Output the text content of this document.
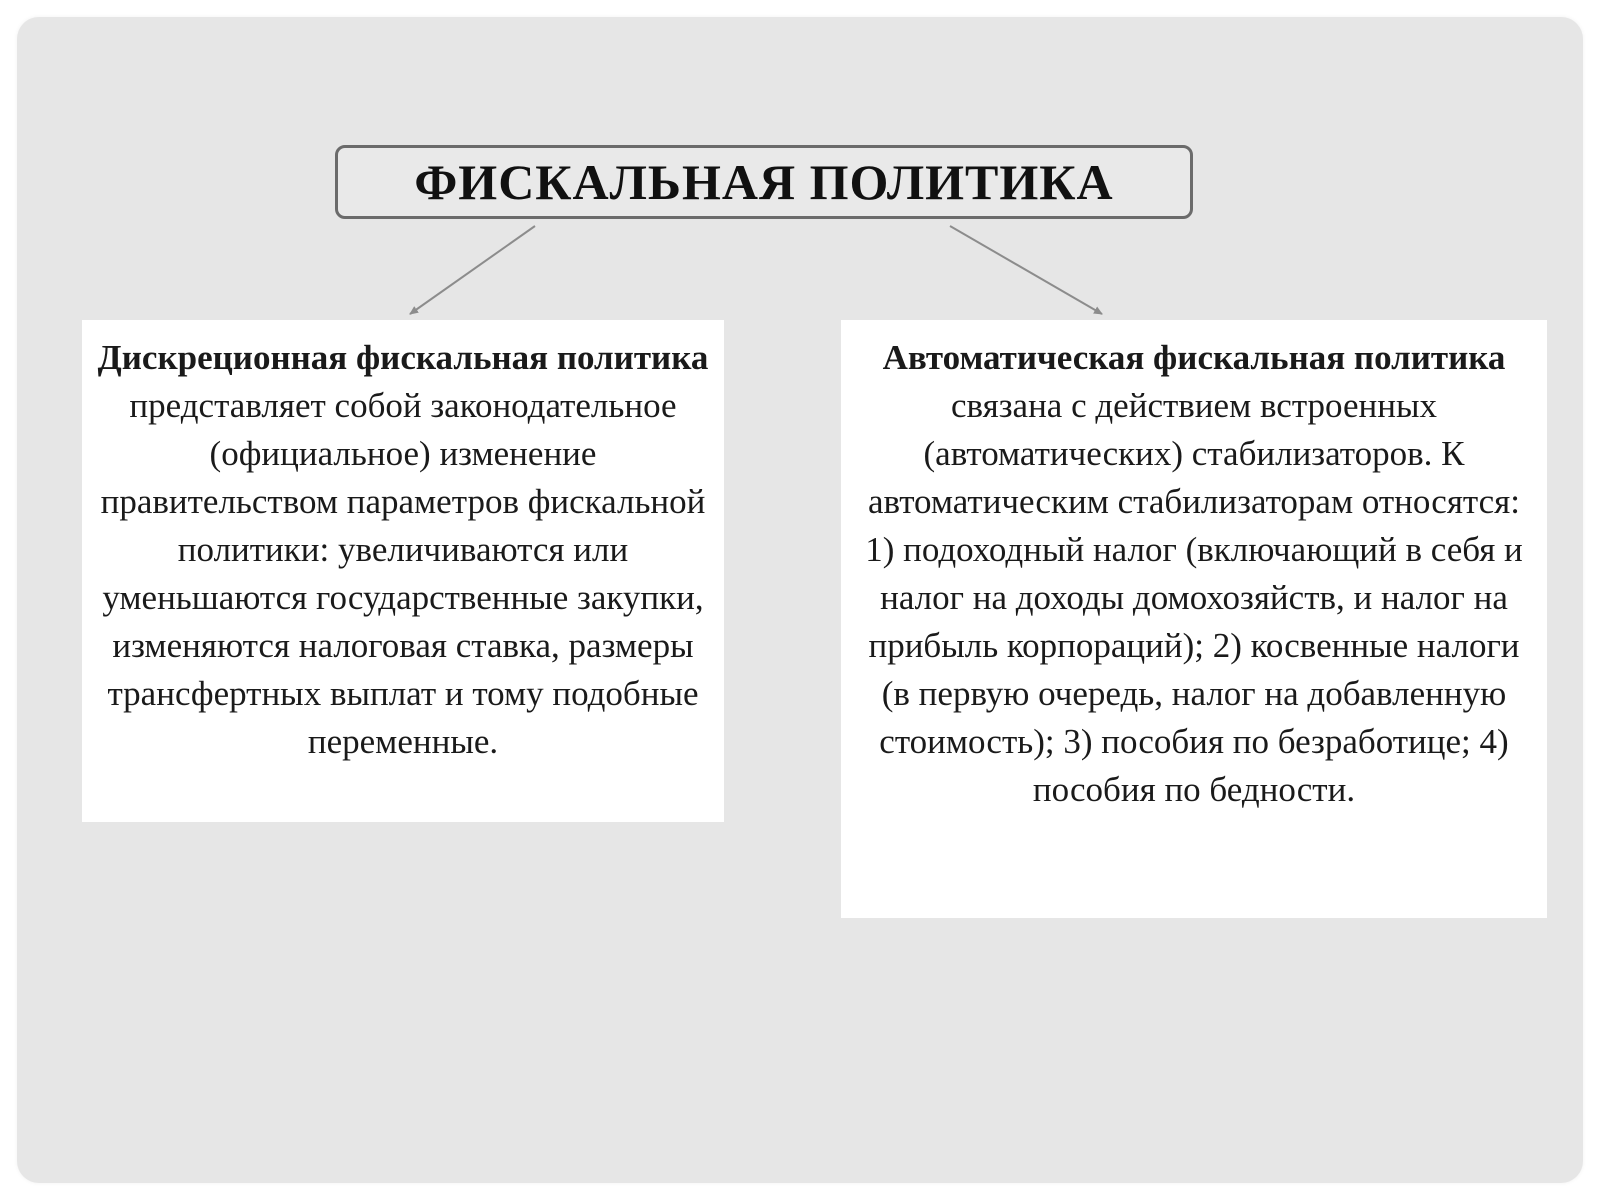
ФИСКАЛЬНАЯ ПОЛИТИКА
Дискреционная фискальная политика представляет собой законодательное (официальное) изменение правительством параметров фискальной политики: увеличиваются или уменьшаются государственные закупки, изменяются налоговая ставка, размеры трансфертных выплат и тому подобные переменные.
Автоматическая фискальная политика связана с действием встроенных (автоматических) стабилизаторов. К автоматическим стабилизаторам относятся: 1) подоходный налог (включающий в себя и налог на доходы домохозяйств, и налог на прибыль корпораций); 2) косвенные налоги (в первую очередь, налог на добавленную стоимость); 3) пособия по безработице; 4) пособия по бедности.
